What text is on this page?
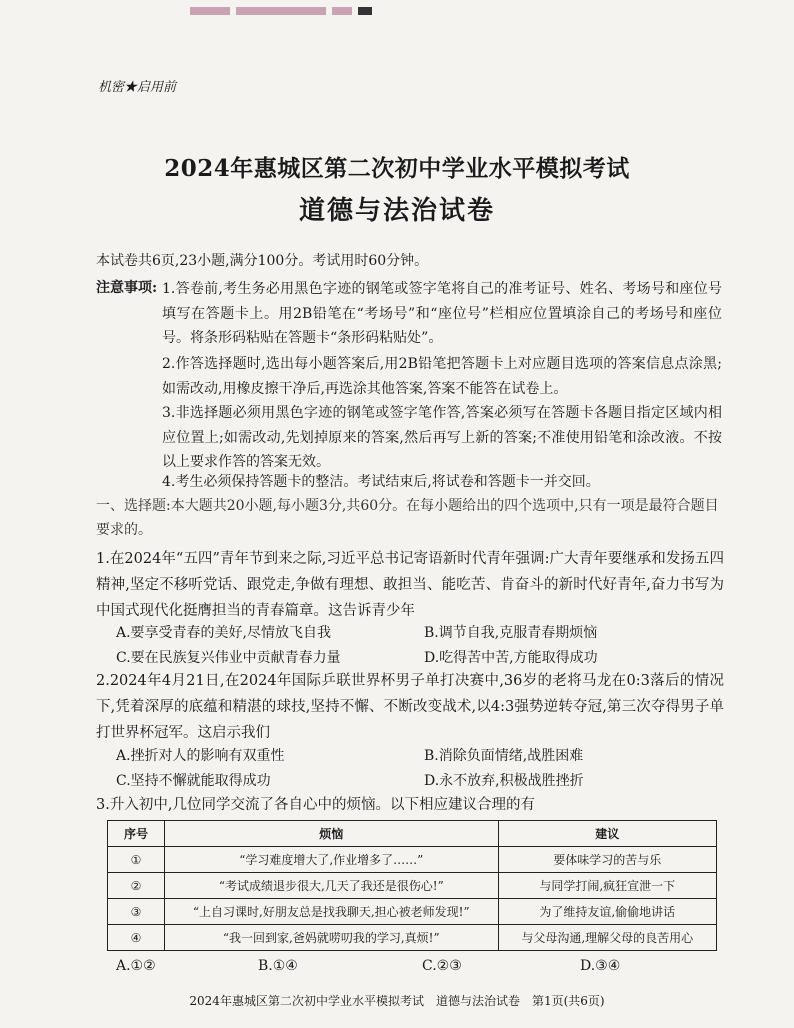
机密★启用前
2024年惠城区第二次初中学业水平模拟考试
道德与法治试卷
本试卷共6页,23小题,满分100分。考试用时60分钟。
注意事项: 1.答卷前,考生务必用黑色字迹的钢笔或签字笔将自己的准考证号、姓名、考场号和座位号填写在答题卡上。用2B铅笔在“考场号”和“座位号”栏相应位置填涂自己的考场号和座位号。将条形码粘贴在答题卡“条形码粘贴处”。
2.作答选择题时,选出每小题答案后,用2B铅笔把答题卡上对应题目选项的答案信息点涂黑;如需改动,用橡皮擦干净后,再选涂其他答案,答案不能答在试卷上。
3.非选择题必须用黑色字迹的钢笔或签字笔作答,答案必须写在答题卡各题目指定区域内相应位置上;如需改动,先划掉原来的答案,然后再写上新的答案;不准使用铅笔和涂改液。不按以上要求作答的答案无效。
4.考生必须保持答题卡的整洁。考试结束后,将试卷和答题卡一并交回。
一、选择题:本大题共20小题,每小题3分,共60分。在每小题给出的四个选项中,只有一项是最符合题目要求的。
1.在2024年“五四”青年节到来之际,习近平总书记寄语新时代青年强调:广大青年要继承和发扬五四精神,坚定不移听党话、跟党走,争做有理想、敢担当、能吃苦、肯奋斗的新时代好青年,奋力书写为中国式现代化挺膺担当的青春篇章。这告诉青少年
A.要享受青春的美好,尽情放飞自我	B.调节自我,克服青春期烦恼
C.要在民族复兴伟业中贡献青春力量	D.吃得苦中苦,方能取得成功
2.2024年4月21日,在2024年国际乒联世界杯男子单打决赛中,36岁的老将马龙在0:3落后的情况下,凭着深厚的底蕴和精湛的球技,坚持不懈、不断改变战术,以4:3强势逆转夺冠,第三次夺得男子单打世界杯冠军。这启示我们
A.挫折对人的影响有双重性	B.消除负面情绪,战胜困难
C.坚持不懈就能取得成功	D.永不放弃,积极战胜挫折
3.升入初中,几位同学交流了各自心中的烦恼。以下相应建议合理的有
序号	烦恼	建议
①	“学习难度增大了,作业增多了……”	要体味学习的苦与乐
②	“考试成绩退步很大,几天了我还是很伤心!”	与同学打闹,疯狂宣泄一下
③	“上自习课时,好朋友总是找我聊天,担心被老师发现!”	为了维持友谊,偷偷地讲话
④	“我一回到家,爸妈就唠叨我的学习,真烦!”	与父母沟通,理解父母的良苦用心
A.①②	B.①④	C.②③	D.③④
2024年惠城区第二次初中学业水平模拟考试　道德与法治试卷　第1页(共6页)
